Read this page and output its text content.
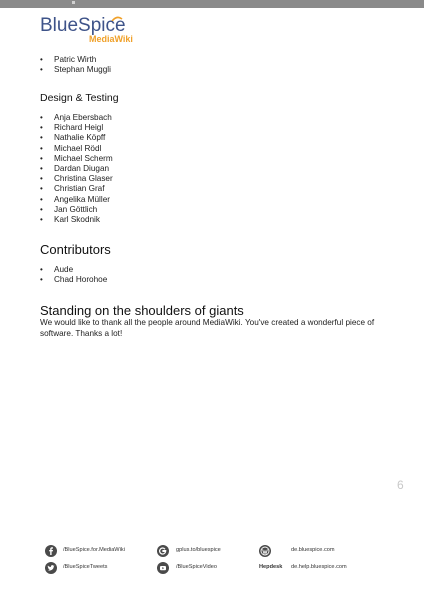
BlueSpice
MediaWiki
• Patric Wirth
• Stephan Muggli
Design & Testing
• Anja Ebersbach
• Richard Heigl
• Nathalie Köpff
• Michael Rödl
• Michael Scherm
• Dardan Diugan
• Christina Glaser
• Christian Graf
• Angelika Müller
• Jan Göttlich
• Karl Skodnik
Contributors
• Aude
• Chad Horohoe
Standing on the shoulders of giants

We would like to thank all the people around MediaWiki. You've created a wonderful piece of software. Thanks a lot!

6
/BlueSpice.for.MediaWiki	gplus.to/bluespice	de.bluespice.com
/BlueSpiceTweets	/BlueSpiceVideo	Hepdesk de.help.bluespice.com
